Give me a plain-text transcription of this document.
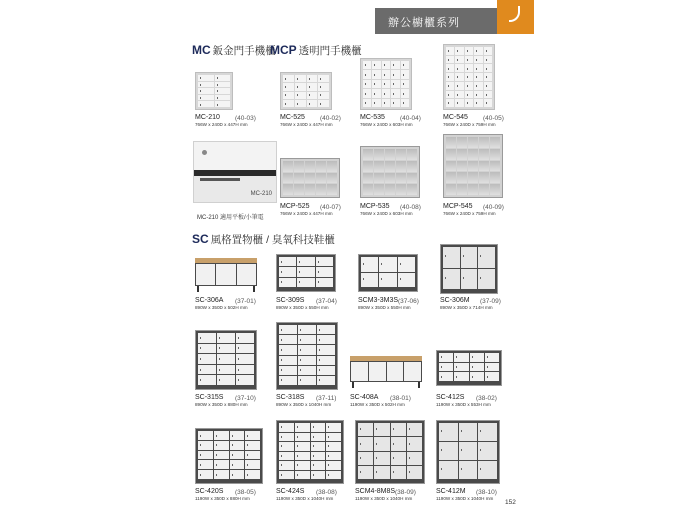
辦公櫥櫃系列
MC 鈑金門手機櫃
MCP 透明門手機櫃
SC 風格置物櫃 / 臭氧科技鞋櫃
MC-210
MC-210 適用平板/小筆電
MC-210 (40-03)
766W x 240D x 447H mm
MC-525 (40-02)
766W x 240D x 447H mm
MC-535 (40-04)
766W x 240D x 603H mm
MC-545 (40-05)
766W x 240D x 759H mm
MCP-525 (40-07)
766W x 240D x 447H mm
MCP-535 (40-08)
766W x 240D x 603H mm
MCP-545 (40-09)
766W x 240D x 759H mm
SC-306A (37-01)
890W x 350D x 502H mm
SC-309S (37-04)
890W x 350D x 550H mm
SCM3-3M3S (37-06)
890W x 350D x 550H mm
SC-306M (37-09)
890W x 350D x 714H mm
SC-315S (37-10)
890W x 350D x 880H mm
SC-318S (37-11)
890W x 350D x 1040H mm
SC-408A (38-01)
1190W x 350D x 502H mm
SC-412S (38-02)
1190W x 350D x 553H mm
SC-420S (38-05)
1190W x 350D x 880H mm
SC-424S (38-08)
1190W x 350D x 1040H mm
SCM4-8M8S (38-09)
1190W x 350D x 1040H mm
SC-412M (38-10)
1190W x 350D x 1040H mm
152
